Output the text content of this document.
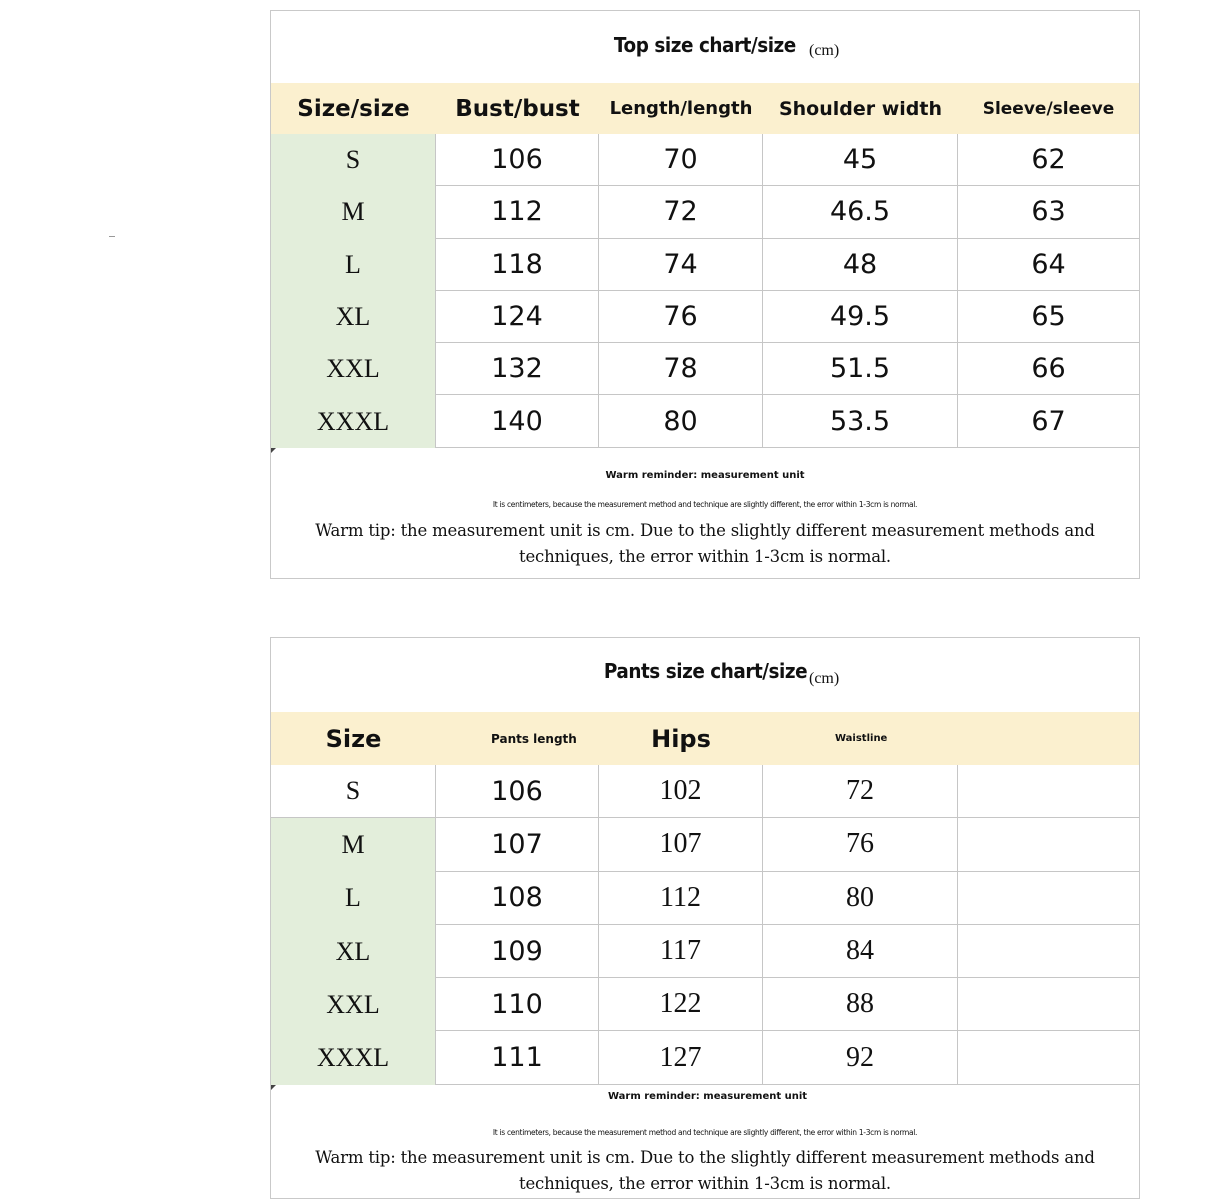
Top size chart/size (cm)
Size/size	Bust/bust	Length/length	Shoulder width	Sleeve/sleeve
S	106	70	45	62
M	112	72	46.5	63
L	118	74	48	64
XL	124	76	49.5	65
XXL	132	78	51.5	66
XXXL	140	80	53.5	67
Warm reminder: measurement unit
It is centimeters, because the measurement method and technique are slightly different, the error within 1-3cm is normal.
Warm tip: the measurement unit is cm. Due to the slightly different measurement methods and techniques, the error within 1-3cm is normal.
Pants size chart/size (cm)
Size	Pants length	Hips	Waistline
S	106	102	72
M	107	107	76
L	108	112	80
XL	109	117	84
XXL	110	122	88
XXXL	111	127	92
Warm reminder: measurement unit
It is centimeters, because the measurement method and technique are slightly different, the error within 1-3cm is normal.
Warm tip: the measurement unit is cm. Due to the slightly different measurement methods and techniques, the error within 1-3cm is normal.
